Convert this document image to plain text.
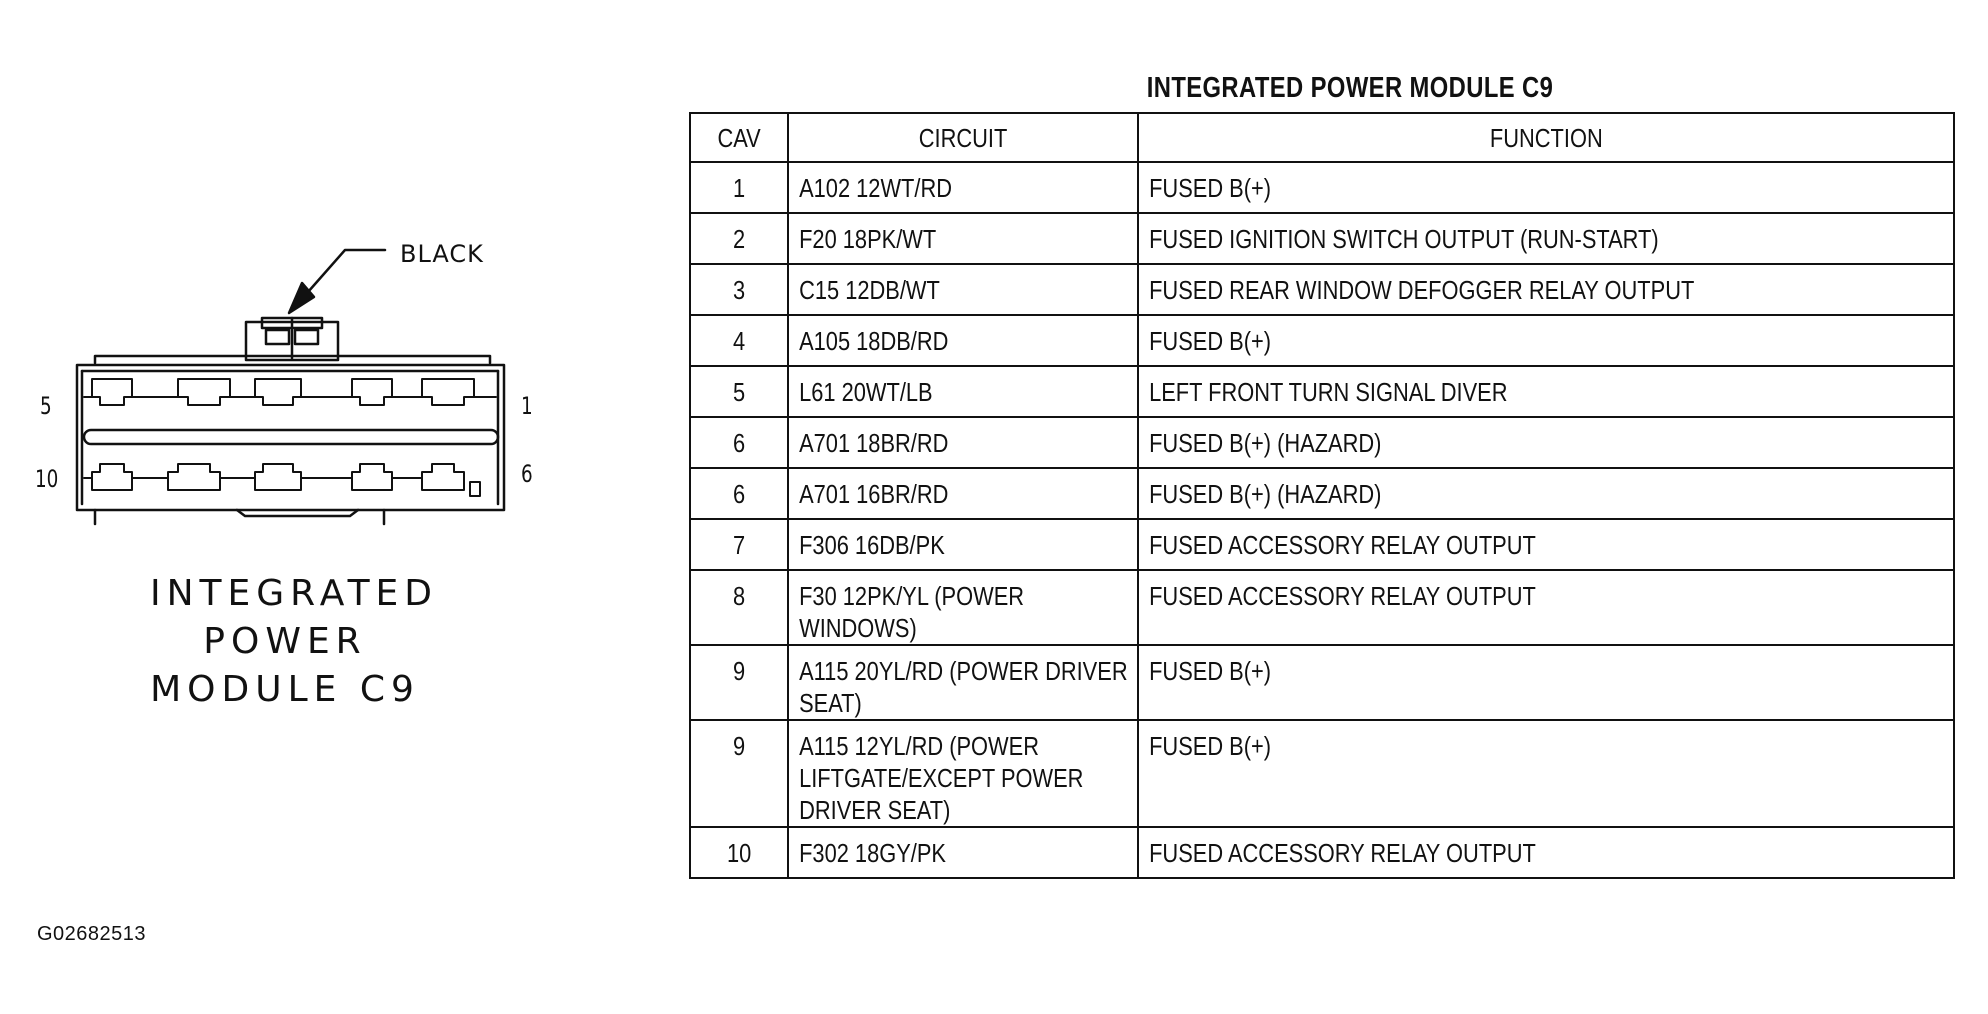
BLACK
5	1
10	6
INTEGRATED
POWER
MODULE C9
G02682513
INTEGRATED POWER MODULE C9
CAV	CIRCUIT	FUNCTION

1	A102 12WT/RD	FUSED B(+)

2	F20 18PK/WT	FUSED IGNITION SWITCH OUTPUT (RUN-START)

3	C15 12DB/WT	FUSED REAR WINDOW DEFOGGER RELAY OUTPUT

4	A105 18DB/RD	FUSED B(+)

5	L61 20WT/LB	LEFT FRONT TURN SIGNAL DIVER

6	A701 18BR/RD	FUSED B(+) (HAZARD)

6	A701 16BR/RD	FUSED B(+) (HAZARD)

7	F306 16DB/PK	FUSED ACCESSORY RELAY OUTPUT

8	F30 12PK/YL (POWER WINDOWS)	FUSED ACCESSORY RELAY OUTPUT

9	A115 20YL/RD (POWER DRIVER SEAT)	FUSED B(+)

9	A115 12YL/RD (POWER LIFTGATE/EXCEPT POWER DRIVER SEAT)	FUSED B(+)

10	F302 18GY/PK	FUSED ACCESSORY RELAY OUTPUT
